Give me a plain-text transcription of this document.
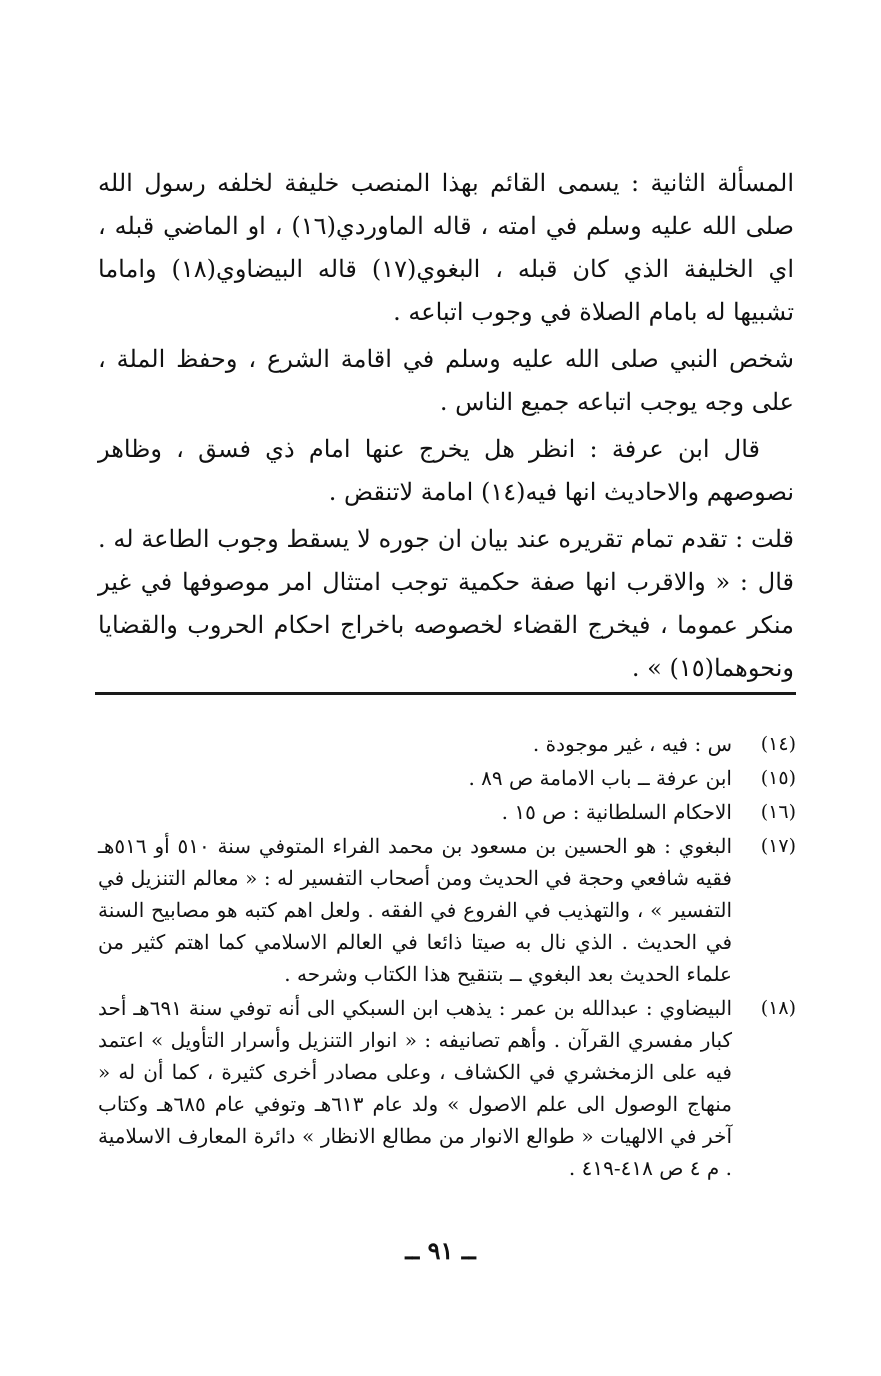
المسألة الثانية : يسمى القائم بهذا المنصب خليفة لخلفه رسول الله صلى الله عليه وسلم في امته ، قاله الماوردي(١٦) ، او الماضي قبله ، اي الخليفة الذي كان قبله ، البغوي(١٧) قاله البيضاوي(١٨) واماما تشبيها له بامام الصلاة في وجوب اتباعه .

شخص النبي صلى الله عليه وسلم في اقامة الشرع ، وحفظ الملة ، على وجه يوجب اتباعه جميع الناس .

قال ابن عرفة : انظر هل يخرج عنها امام ذي فسق ، وظاهر نصوصهم والاحاديث انها فيه(١٤) امامة لاتنقض .

قلت : تقدم تمام تقريره عند بيان ان جوره لا يسقط وجوب الطاعة له . قال : « والاقرب انها صفة حكمية توجب امتثال امر موصوفها في غير منكر عموما ، فيخرج القضاء لخصوصه باخراج احكام الحروب والقضايا ونحوهما(١٥) » .

(١٤)
س : فيه ، غير موجودة .
(١٥)
ابن عرفة ــ باب الامامة ص ٨٩ .
(١٦)
الاحكام السلطانية : ص ١٥ .
(١٧)
البغوي : هو الحسين بن مسعود بن محمد الفراء المتوفي سنة ٥١٠ أو ٥١٦هـ فقيه شافعي وحجة في الحديث ومن أصحاب التفسير له : « معالم التنزيل في التفسير » ، والتهذيب في الفروع في الفقه . ولعل اهم كتبه هو مصابيح السنة في الحديث . الذي نال به صيتا ذائعا في العالم الاسلامي كما اهتم كثير من علماء الحديث بعد البغوي ــ بتنقيح هذا الكتاب وشرحه .
(١٨)
البيضاوي : عبدالله بن عمر : يذهب ابن السبكي الى أنه توفي سنة ٦٩١هـ أحد كبار مفسري القرآن . وأهم تصانيفه : « انوار التنزيل وأسرار التأويل » اعتمد فيه على الزمخشري في الكشاف ، وعلى مصادر أخرى كثيرة ، كما أن له « منهاج الوصول الى علم الاصول » ولد عام ٦١٣هـ وتوفي عام ٦٨٥هـ وكتاب آخر في الالهيات « طوالع الانوار من مطالع الانظار » دائرة المعارف الاسلامية . م ٤ ص ٤١٨-٤١٩ .
ــ ٩١ ــ
